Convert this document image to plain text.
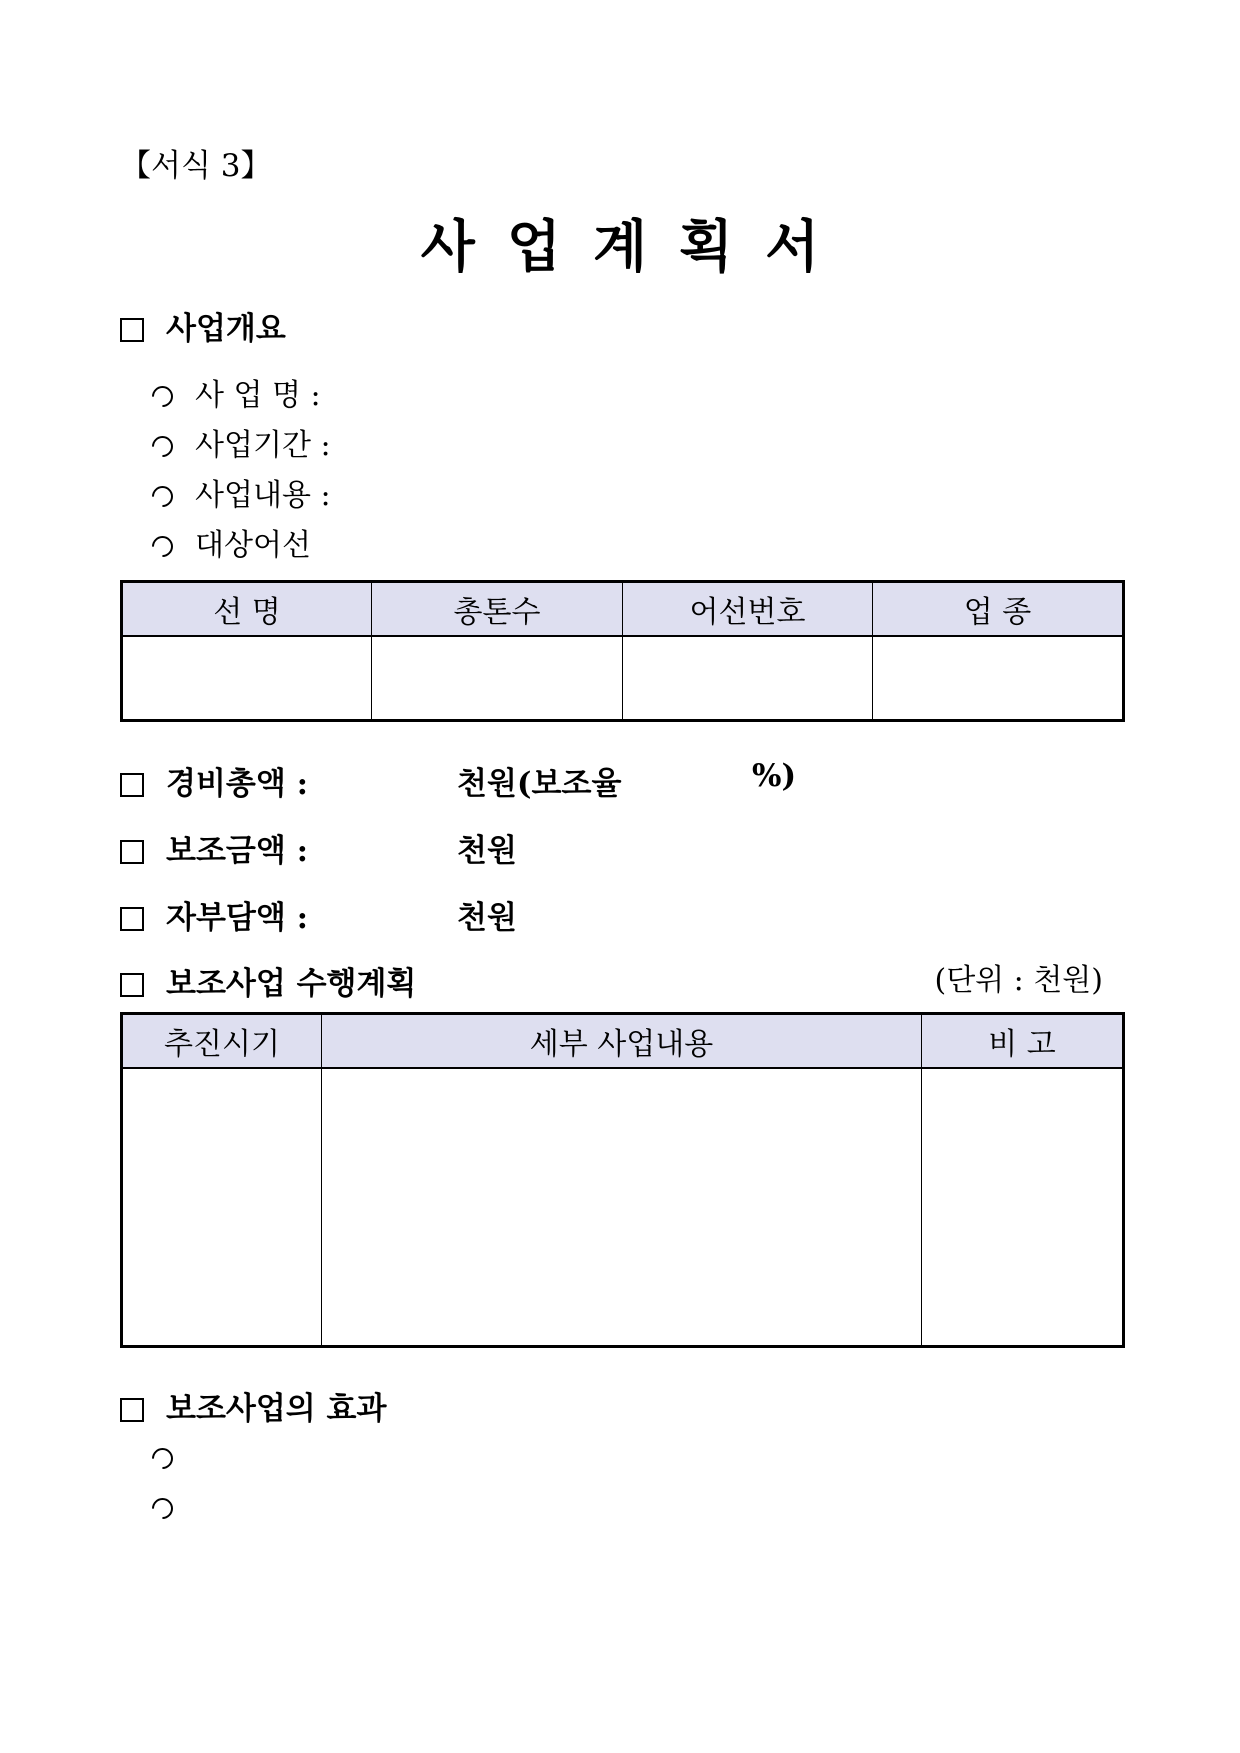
【서식 3】
사업계획서
사업개요
사 업 명 :
사업기간 :
사업내용 :
대상어선
선 명	총톤수	어선번호	업 종

경비총액 :	천원(보조율	%)
보조금액 :	천원
자부담액 :	천원
보조사업 수행계획	(단위 : 천원)
추진시기	세부 사업내용	비 고

보조사업의 효과
